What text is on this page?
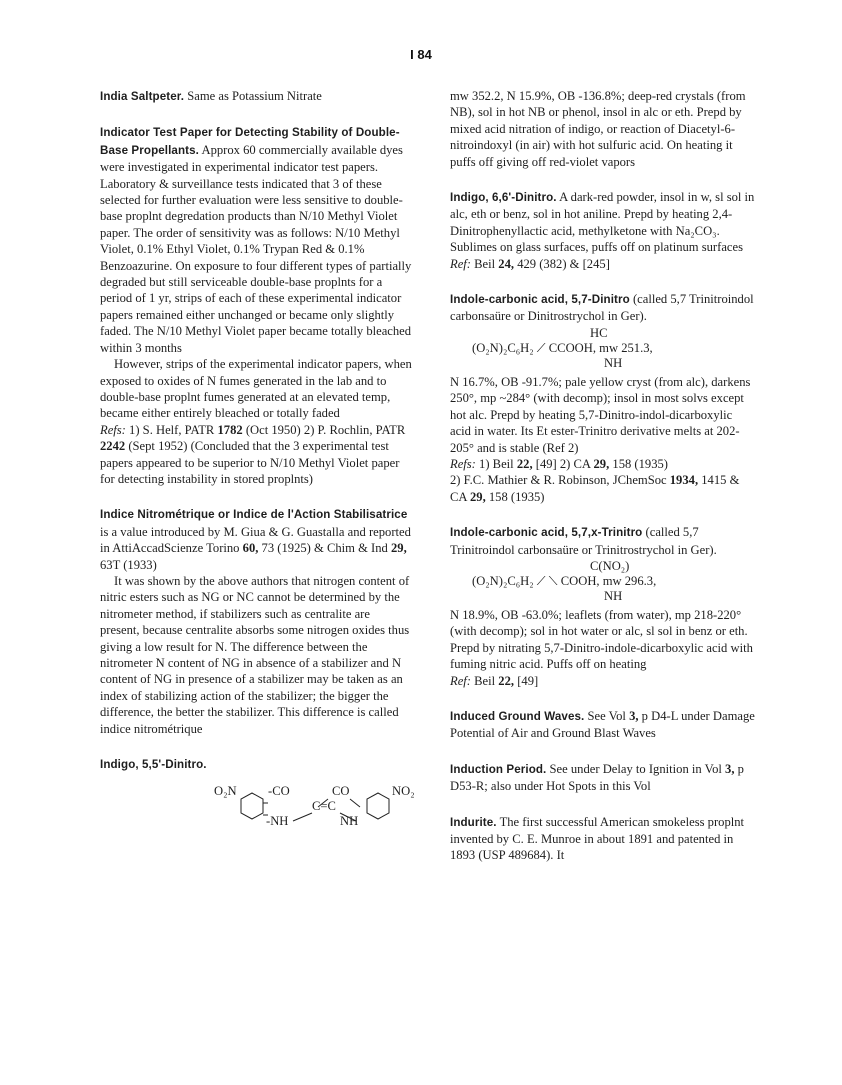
I 84

India Saltpeter. Same as Potassium Nitrate

Indicator Test Paper for Detecting Stability of Double-Base Propellants. Approx 60 commercially available dyes were investigated in experimental indicator test papers. Laboratory & surveillance tests indicated that 3 of these selected for further evaluation were less sensitive to double-base proplnt degredation products than N/10 Methyl Violet paper. The order of sensitivity was as follows: N/10 Methyl Violet, 0.1% Ethyl Violet, 0.1% Trypan Red & 0.1% Benzoazurine. On exposure to four different types of partially degraded but still serviceable double-base proplnts for a period of 1 yr, strips of each of these experimental indicator papers remained either unchanged or became only slightly faded. The N/10 Methyl Violet paper became totally bleached within 3 months

However, strips of the experimental indicator papers, when exposed to oxides of N fumes generated in the lab and to double-base proplnt fumes generated at an elevated temp, became either entirely bleached or totally faded
Refs: 1) S. Helf, PATR 1782 (Oct 1950) 2) P. Rochlin, PATR 2242 (Sept 1952) (Concluded that the 3 experimental test papers appeared to be superior to N/10 Methyl Violet paper for detecting instability in stored proplnts)

Indice Nitrométrique or Indice de l'Action Stabilisatrice is a value introduced by M. Giua & G. Guastalla and reported in AttiAccadScienze Torino 60, 73 (1925) & Chim & Ind 29, 63T (1933)

It was shown by the above authors that nitrogen content of nitric esters such as NG or NC cannot be determined by the nitrometer method, if stabilizers such as centralite are present, because centralite absorbs some nitrogen oxides thus giving a low result for N. The difference between the nitrometer N content of NG in absence of a stabilizer and N content of NG in presence of a stabilizer may be taken as an index of stabilizing action of the stabilizer; the bigger the difference, the better the stabilizer. This difference is called indice nitrométrique

Indigo, 5,5'-Dinitro.

O₂N -CO	CO	NO₂
C=C
-NH	NH

mw 352.2, N 15.9%, OB -136.8%; deep-red crystals (from NB), sol in hot NB or phenol, insol in alc or eth. Prepd by mixed acid nitration of indigo, or reaction of Diacetyl-6-nitroindoxyl (in air) with hot sulfuric acid. On heating it puffs off giving off red-violet vapors

Indigo, 6,6'-Dinitro. A dark-red powder, insol in w, sl sol in alc, eth or benz, sol in hot aniline. Prepd by heating 2,4-Dinitrophenyllactic acid, methylketone with Na₂CO₃. Sublimes on glass surfaces, puffs off on platinum surfaces
Ref: Beil 24, 429 (382) & [245]

Indole-carbonic acid, 5,7-Dinitro (called 5,7 Trinitroindol carbonsaüre or Dinitrostrychol in Ger).

HC
(O₂N)₂C₆H₂ ⟋ CCOOH, mw 251.3,
NH

N 16.7%, OB -91.7%; pale yellow cryst (from alc), darkens 250°, mp ~284° (with decomp); insol in most solvs except hot alc. Prepd by heating 5,7-Dinitro-indol-dicarboxylic acid in water. Its Et ester-Trinitro derivative melts at 202-205° and is stable (Ref 2)
Refs: 1) Beil 22, [49] 2) CA 29, 158 (1935)
2) F.C. Mathier & R. Robinson, JChemSoc 1934, 1415 & CA 29, 158 (1935)

Indole-carbonic acid, 5,7,x-Trinitro (called 5,7 Trinitroindol carbonsaüre or Trinitrostrychol in Ger).

C(NO₂)
(O₂N)₂C₆H₂ ⟋ ⟍ COOH, mw 296.3,
NH

N 18.9%, OB -63.0%; leaflets (from water), mp 218-220° (with decomp); sol in hot water or alc, sl sol in benz or eth. Prepd by nitrating 5,7-Dinitro-indole-dicarboxylic acid with fuming nitric acid. Puffs off on heating
Ref: Beil 22, [49]

Induced Ground Waves. See Vol 3, p D4-L under Damage Potential of Air and Ground Blast Waves

Induction Period. See under Delay to Ignition in Vol 3, p D53-R; also under Hot Spots in this Vol

Indurite. The first successful American smokeless proplnt invented by C. E. Munroe in about 1891 and patented in 1893 (USP 489684). It
